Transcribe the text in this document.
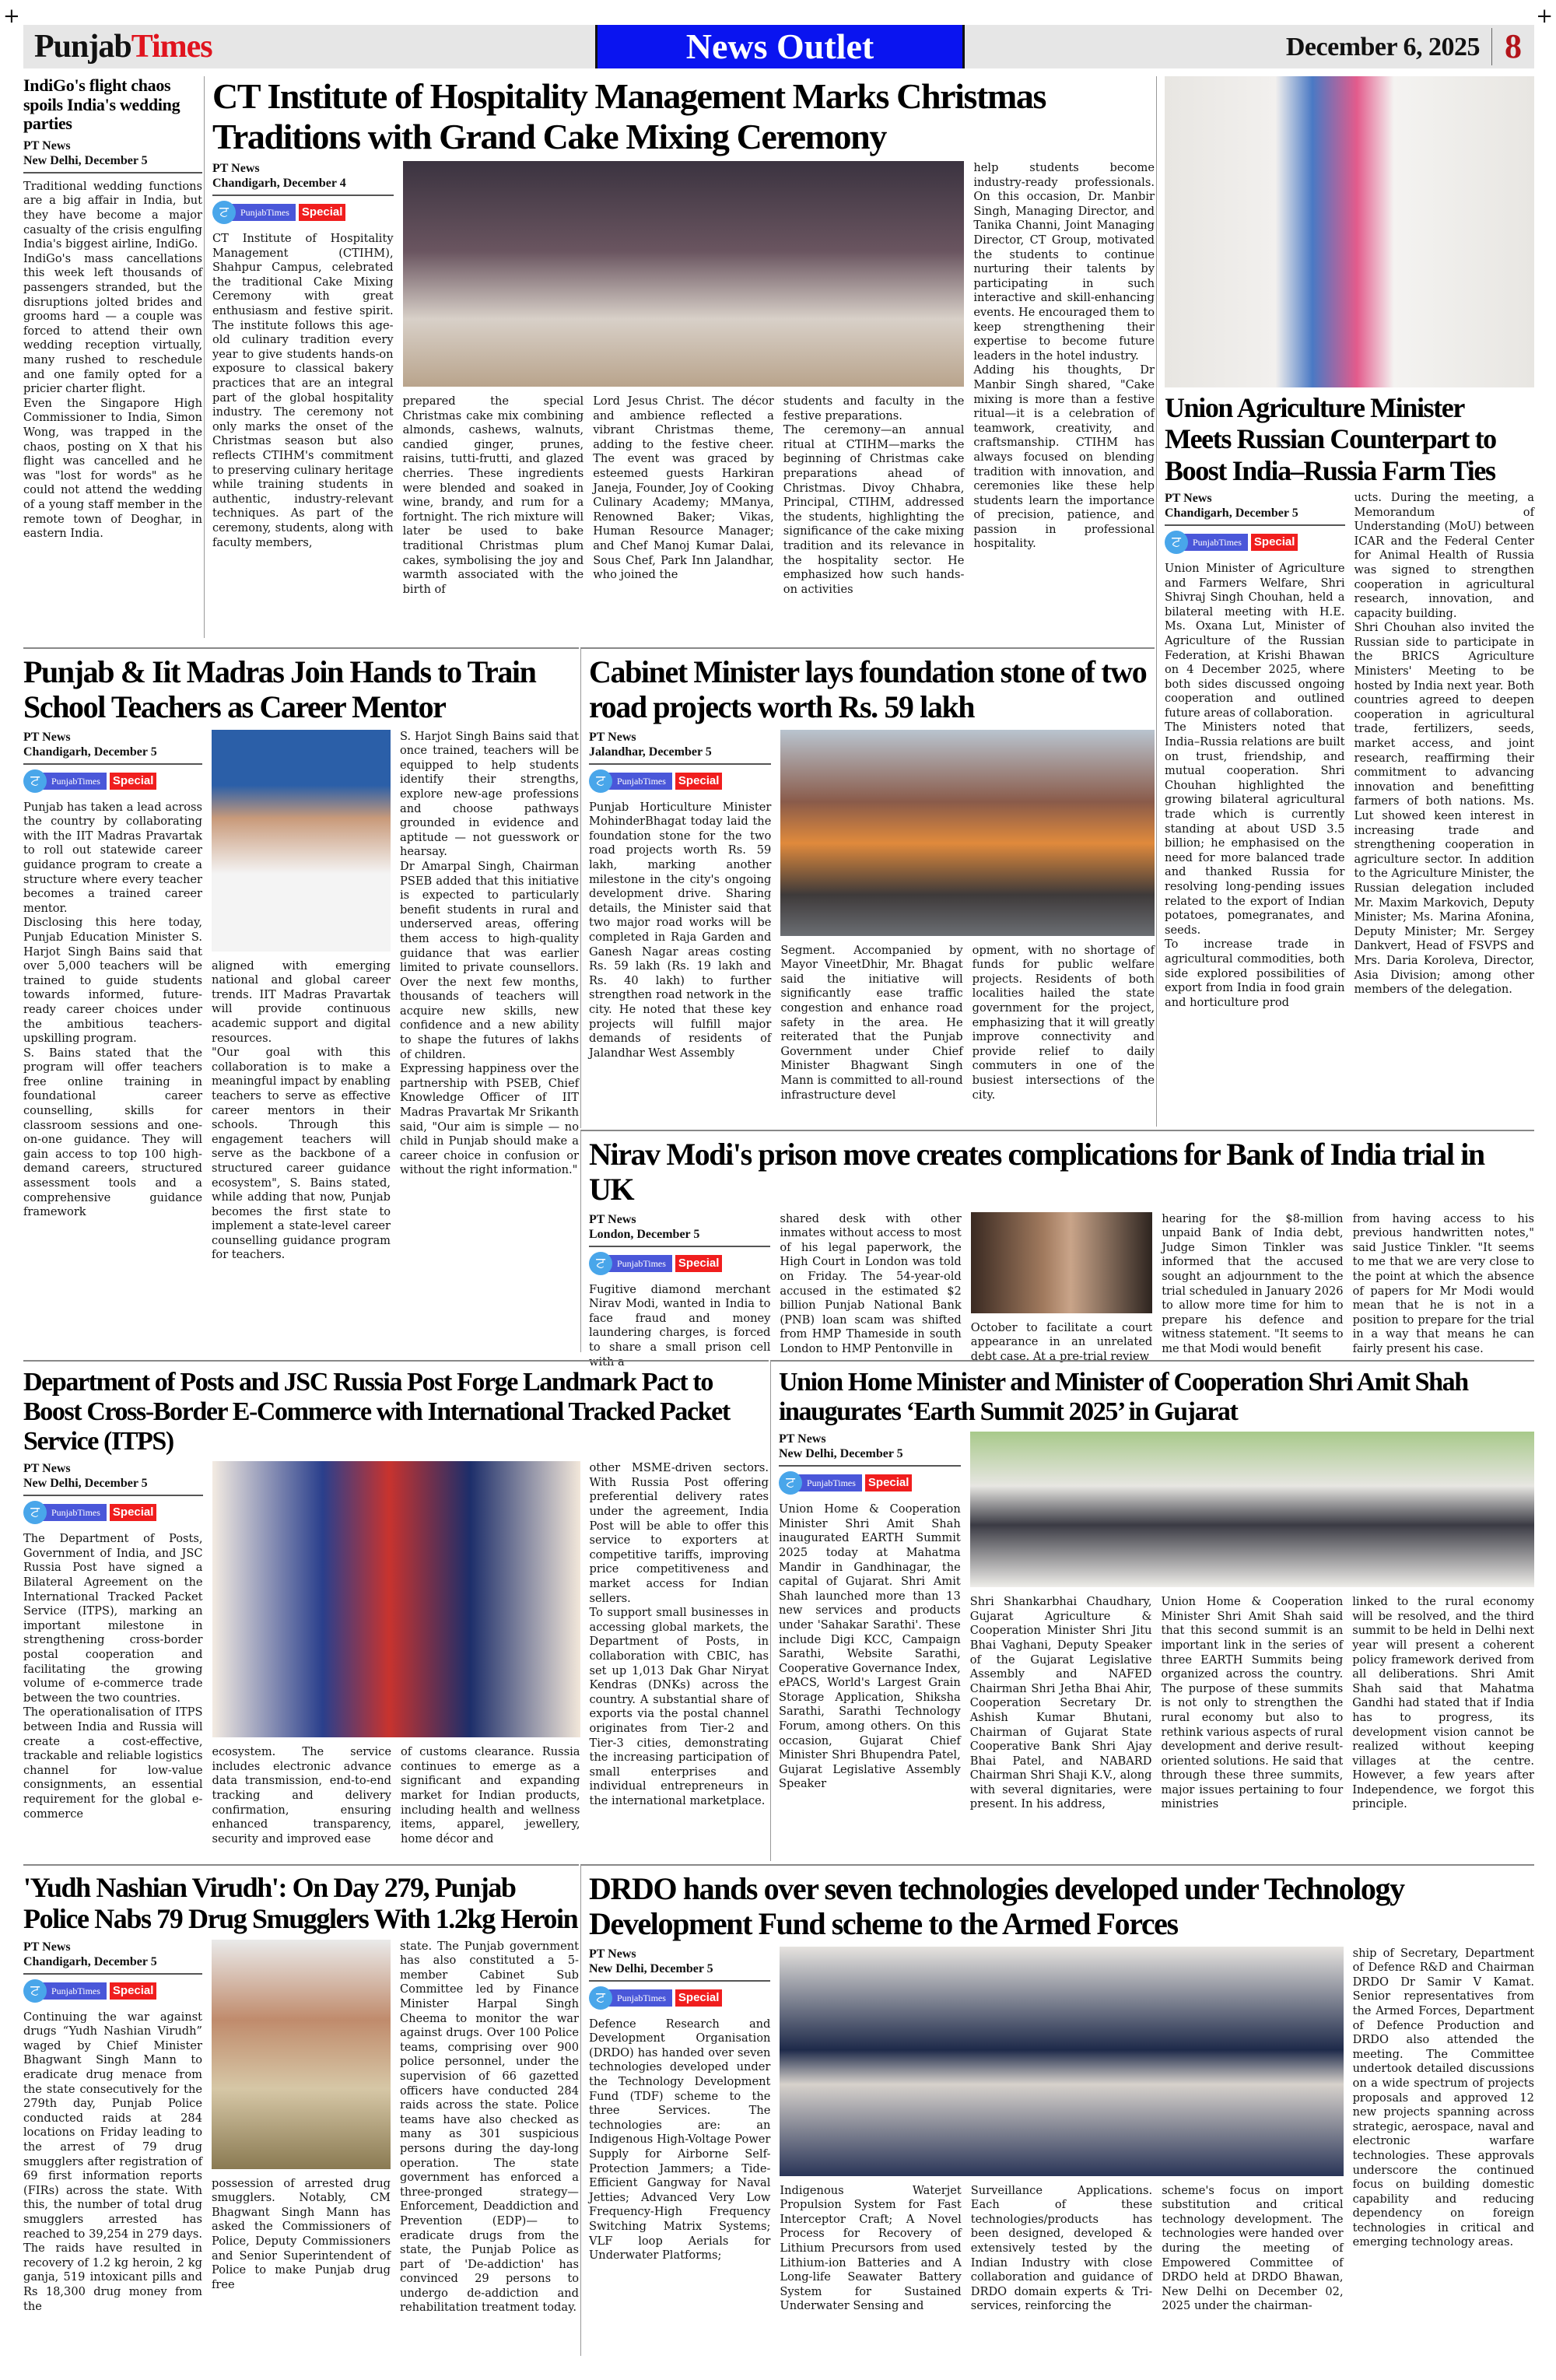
+	+
PunjabTimes	News Outlet	December 6, 2025 8
IndiGo's flight chaos spoils India's wedding parties
PT News
New Delhi, December 5

Traditional wedding functions are a big affair in India, but they have become a major casualty of the crisis engulfing India's biggest airline, IndiGo.
IndiGo's mass cancellations this week left thousands of passengers stranded, but the disruptions jolted brides and grooms hard — a couple was forced to attend their own wedding reception virtually, many rushed to reschedule and one family opted for a pricier charter flight.
Even the Singapore High Commissioner to India, Simon Wong, was trapped in the chaos, posting on X that his flight was cancelled and he was "lost for words" as he could not attend the wedding of a young staff member in the remote town of Deoghar, in eastern India.

CT Institute of Hospitality Management Marks Christmas Traditions with Grand Cake Mixing Ceremony
PT News
Chandigarh, December 4
ਟ	PunjabTimes	Special

CT Institute of Hospitality Management (CTIHM), Shahpur Campus, celebrated the traditional Cake Mixing Ceremony with great enthusiasm and festive spirit. The institute follows this age-old culinary tradition every year to give students hands-on exposure to classical bakery practices that are an integral part of the global hospitality industry. The ceremony not only marks the onset of the Christmas season but also reflects CTIHM's commitment to preserving culinary heritage while training students in authentic, industry-relevant techniques. As part of the ceremony, students, along with faculty members,

prepared the special Christmas cake mix combining almonds, cashews, walnuts, candied ginger, prunes, raisins, tutti-frutti, and glazed cherries. These ingredients were blended and soaked in wine, brandy, and rum for a fortnight. The rich mixture will later be used to bake traditional Christmas plum cakes, symbolising the joy and warmth associated with the birth of

Lord Jesus Christ. The décor and ambience reflected a vibrant Christmas theme, adding to the festive cheer. The event was graced by esteemed guests Harkiran Janeja, Founder, Joy of Cooking Culinary Academy; MManya, Renowned Baker; Vikas, Human Resource Manager; and Chef Manoj Kumar Dalai, Sous Chef, Park Inn Jalandhar, who joined the

students and faculty in the festive preparations.
The ceremony—an annual ritual at CTIHM—marks the beginning of Christmas cake preparations ahead of Christmas. Divoy Chhabra, Principal, CTIHM, addressed the students, highlighting the significance of the cake mixing tradition and its relevance in the hospitality sector. He emphasized how such hands-on activities

help students become industry-ready professionals. On this occasion, Dr. Manbir Singh, Managing Director, and Tanika Channi, Joint Managing Director, CT Group, motivated the students to continue nurturing their talents by participating in such interactive and skill-enhancing events. He encouraged them to keep strengthening their expertise to become future leaders in the hotel industry.
Adding his thoughts, Dr Manbir Singh shared, "Cake mixing is more than a festive ritual—it is a celebration of teamwork, creativity, and craftsmanship. CTIHM has always focused on blending tradition with innovation, and ceremonies like these help students learn the importance of precision, patience, and passion in professional hospitality.

Union Agriculture Minister Meets Russian Counterpart to Boost India–Russia Farm Ties
PT News
Chandigarh, December 5
ਟ	PunjabTimes	Special

Union Minister of Agriculture and Farmers Welfare, Shri Shivraj Singh Chouhan, held a bilateral meeting with H.E. Ms. Oxana Lut, Minister of Agriculture of the Russian Federation, at Krishi Bhawan on 4 December 2025, where both sides discussed ongoing cooperation and outlined future areas of collaboration.
The Ministers noted that India–Russia relations are built on trust, friendship, and mutual cooperation. Shri Chouhan highlighted the growing bilateral agricultural trade which is currently standing at about USD 3.5 billion; he emphasised on the need for more balanced trade and thanked Russia for resolving long-pending issues related to the export of Indian potatoes, pomegranates, and seeds.
To increase trade in agricultural commodities, both side explored possibilities of export from India in food grain and horticulture prod

ucts. During the meeting, a Memorandum of Understanding (MoU) between ICAR and the Federal Center for Animal Health of Russia was signed to strengthen cooperation in agricultural research, innovation, and capacity building.
Shri Chouhan also invited the Russian side to participate in the BRICS Agriculture Ministers' Meeting to be hosted by India next year. Both countries agreed to deepen cooperation in agricultural trade, fertilizers, seeds, market access, and joint research, reaffirming their commitment to advancing innovation and benefitting farmers of both nations. Ms. Lut showed keen interest in increasing trade and strengthening cooperation in agriculture sector. In addition to the Agriculture Minister, the Russian delegation included Mr. Maxim Markovich, Deputy Minister; Ms. Marina Afonina, Deputy Minister; Mr. Sergey Dankvert, Head of FSVPS and Mrs. Daria Koroleva, Director, Asia Division; among other members of the delegation.

Punjab & Iit Madras Join Hands to Train School Teachers as Career Mentor
PT News
Chandigarh, December 5
ਟ	PunjabTimes	Special

Punjab has taken a lead across the country by collaborating with the IIT Madras Pravartak to roll out statewide career guidance program to create a structure where every teacher becomes a trained career mentor.
Disclosing this here today, Punjab Education Minister S. Harjot Singh Bains said that over 5,000 teachers will be trained to guide students towards informed, future-ready career choices under the ambitious teachers-upskilling program.
S. Bains stated that the program will offer teachers free online training in foundational career counselling, skills for classroom sessions and one-on-one guidance. They will gain access to top 100 high-demand careers, structured assessment tools and a comprehensive guidance framework

aligned with emerging national and global career trends. IIT Madras Pravartak will provide continuous academic support and digital resources.
"Our goal with this collaboration is to make a meaningful impact by enabling teachers to serve as effective career mentors in their schools. Through this engagement teachers will serve as the backbone of a structured career guidance ecosystem", S. Bains stated, while adding that now, Punjab becomes the first state to implement a state-level career counselling guidance program for teachers.

S. Harjot Singh Bains said that once trained, teachers will be equipped to help students identify their strengths, explore new-age professions and choose pathways grounded in evidence and aptitude — not guesswork or hearsay.
Dr Amarpal Singh, Chairman PSEB added that this initiative is expected to particularly benefit students in rural and underserved areas, offering them access to high-quality guidance that was earlier limited to private counsellors. Over the next few months, thousands of teachers will acquire new skills, new confidence and a new ability to shape the futures of lakhs of children.
Expressing happiness over the partnership with PSEB, Chief Knowledge Officer of IIT Madras Pravartak Mr Srikanth said, "Our aim is simple — no child in Punjab should make a career choice in confusion or without the right information."

Cabinet Minister lays foundation stone of two road projects worth Rs. 59 lakh
PT News
Jalandhar, December 5
ਟ	PunjabTimes	Special

Punjab Horticulture Minister MohinderBhagat today laid the foundation stone for the two road projects worth Rs. 59 lakh, marking another milestone in the city's ongoing development drive. Sharing details, the Minister said that two major road works will be completed in Raja Garden and Ganesh Nagar areas costing Rs. 59 lakh (Rs. 19 lakh and Rs. 40 lakh) to further strengthen road network in the city. He noted that these key projects will fulfill major demands of residents of Jalandhar West Assembly

Segment. Accompanied by Mayor VineetDhir, Mr. Bhagat said the initiative will significantly ease traffic congestion and enhance road safety in the area. He reiterated that the Punjab Government under Chief Minister Bhagwant Singh Mann is committed to all-round infrastructure devel

opment, with no shortage of funds for public welfare projects. Residents of both localities hailed the state government for the project, emphasizing that it will greatly improve connectivity and provide relief to daily commuters in one of the busiest intersections of the city.

Nirav Modi's prison move creates complications for Bank of India trial in UK
PT News
London, December 5
ਟ	PunjabTimes	Special

Fugitive diamond merchant Nirav Modi, wanted in India to face fraud and money laundering charges, is forced to share a small prison cell with a

shared desk with other inmates without access to most of his legal paperwork, the High Court in London was told on Friday. The 54-year-old accused in the estimated $2 billion Punjab National Bank (PNB) loan scam was shifted from HMP Thameside in south London to HMP Pentonville in

October to facilitate a court appearance in an unrelated debt case. At a pre-trial review

hearing for the $8-million unpaid Bank of India debt, Judge Simon Tinkler was informed that the accused sought an adjournment to the trial scheduled in January 2026 to allow more time for him to prepare his defence and witness statement. "It seems to me that Modi would benefit

from having access to his previous handwritten notes," said Justice Tinkler. "It seems to me that we are very close to the point at which the absence of papers for Mr Modi would mean that he is not in a position to prepare for the trial in a way that means he can fairly present his case.

Department of Posts and JSC Russia Post Forge Landmark Pact to Boost Cross-Border E-Commerce with International Tracked Packet Service (ITPS)
PT News
New Delhi, December 5
ਟ	PunjabTimes	Special

The Department of Posts, Government of India, and JSC Russia Post have signed a Bilateral Agreement on the International Tracked Packet Service (ITPS), marking an important milestone in strengthening cross-border postal cooperation and facilitating the growing volume of e-commerce trade between the two countries.
The operationalisation of ITPS between India and Russia will create a cost-effective, trackable and reliable logistics channel for low-value consignments, an essential requirement for the global e-commerce

ecosystem. The service includes electronic advance data transmission, end-to-end tracking and delivery confirmation, ensuring enhanced transparency, security and improved ease

of customs clearance. Russia continues to emerge as a significant and expanding market for Indian products, including health and wellness items, apparel, jewellery, home décor and

other MSME-driven sectors. With Russia Post offering preferential delivery rates under the agreement, India Post will be able to offer this service to exporters at competitive tariffs, improving price competitiveness and market access for Indian sellers.
To support small businesses in accessing global markets, the Department of Posts, in collaboration with CBIC, has set up 1,013 Dak Ghar Niryat Kendras (DNKs) across the country. A substantial share of exports via the postal channel originates from Tier-2 and Tier-3 cities, demonstrating the increasing participation of small enterprises and individual entrepreneurs in the international marketplace.

Union Home Minister and Minister of Cooperation Shri Amit Shah inaugurates ‘Earth Summit 2025’ in Gujarat
PT News
New Delhi, December 5
ਟ	PunjabTimes	Special

Union Home & Cooperation Minister Shri Amit Shah inaugurated EARTH Summit 2025 today at Mahatma Mandir in Gandhinagar, the capital of Gujarat. Shri Amit Shah launched more than 13 new services and products under 'Sahakar Sarathi'. These include Digi KCC, Campaign Sarathi, Website Sarathi, Cooperative Governance Index, ePACS, World's Largest Grain Storage Application, Shiksha Sarathi, Sarathi Technology Forum, among others. On this occasion, Gujarat Chief Minister Shri Bhupendra Patel, Gujarat Legislative Assembly Speaker

Shri Shankarbhai Chaudhary, Gujarat Agriculture & Cooperation Minister Shri Jitu Bhai Vaghani, Deputy Speaker of the Gujarat Legislative Assembly and NAFED Chairman Shri Jetha Bhai Ahir, Cooperation Secretary Dr. Ashish Kumar Bhutani, Chairman of Gujarat State Cooperative Bank Shri Ajay Bhai Patel, and NABARD Chairman Shri Shaji K.V., along with several dignitaries, were present. In his address,

Union Home & Cooperation Minister Shri Amit Shah said that this second summit is an important link in the series of three EARTH Summits being organized across the country. The purpose of these summits is not only to strengthen the rural economy but also to rethink various aspects of rural development and derive result-oriented solutions. He said that through these three summits, major issues pertaining to four ministries

linked to the rural economy will be resolved, and the third summit to be held in Delhi next year will present a coherent policy framework derived from all deliberations. Shri Amit Shah said that Mahatma Gandhi had stated that if India has to progress, its development vision cannot be realized without keeping villages at the centre. However, a few years after Independence, we forgot this principle.

'Yudh Nashian Virudh': On Day 279, Punjab Police Nabs 79 Drug Smugglers With 1.2kg Heroin
PT News
Chandigarh, December 5
ਟ	PunjabTimes	Special

Continuing the war against drugs “Yudh Nashian Virudh” waged by Chief Minister Bhagwant Singh Mann to eradicate drug menace from the state consecutively for the 279th day, Punjab Police conducted raids at 284 locations on Friday leading to the arrest of 79 drug smugglers after registration of 69 first information reports (FIRs) across the state. With this, the number of total drug smugglers arrested has reached to 39,254 in 279 days. The raids have resulted in recovery of 1.2 kg heroin, 2 kg ganja, 519 intoxicant pills and Rs 18,300 drug money from the

possession of arrested drug smugglers. Notably, CM Bhagwant Singh Mann has asked the Commissioners of Police, Deputy Commissioners and Senior Superintendent of Police to make Punjab drug free

state. The Punjab government has also constituted a 5-member Cabinet Sub Committee led by Finance Minister Harpal Singh Cheema to monitor the war against drugs. Over 100 Police teams, comprising over 900 police personnel, under the supervision of 66 gazetted officers have conducted 284 raids across the state. Police teams have also checked as many as 301 suspicious persons during the day-long operation. The state government has enforced a three-pronged strategy—Enforcement, Deaddiction and Prevention (EDP)— to eradicate drugs from the state, the Punjab Police as part of 'De-addiction' has convinced 29 persons to undergo de-addiction and rehabilitation treatment today.

DRDO hands over seven technologies developed under Technology Development Fund scheme to the Armed Forces
PT News
New Delhi, December 5
ਟ	PunjabTimes	Special

Defence Research and Development Organisation (DRDO) has handed over seven technologies developed under the Technology Development Fund (TDF) scheme to the three Services. The technologies are: an Indigenous High-Voltage Power Supply for Airborne Self-Protection Jammers; a Tide-Efficient Gangway for Naval Jetties; Advanced Very Low Frequency-High Frequency Switching Matrix Systems; VLF loop Aerials for Underwater Platforms;

Indigenous Waterjet Propulsion System for Fast Interceptor Craft; A Novel Process for Recovery of Lithium Precursors from used Lithium-ion Batteries and A Long-life Seawater Battery System for Sustained Underwater Sensing and

Surveillance Applications. Each of these technologies/products has been designed, developed & extensively tested by the Indian Industry with close collaboration and guidance of DRDO domain experts & Tri-services, reinforcing the

scheme's focus on import substitution and critical technology development. The technologies were handed over during the meeting of Empowered Committee of DRDO held at DRDO Bhawan, New Delhi on December 02, 2025 under the chairman-

ship of Secretary, Department of Defence R&D and Chairman DRDO Dr Samir V Kamat. Senior representatives from the Armed Forces, Department of Defence Production and DRDO also attended the meeting. The Committee undertook detailed discussions on a wide spectrum of projects proposals and approved 12 new projects spanning across strategic, aerospace, naval and electronic warfare technologies. These approvals underscore the continued focus on building domestic capability and reducing dependency on foreign technologies in critical and emerging technology areas.
